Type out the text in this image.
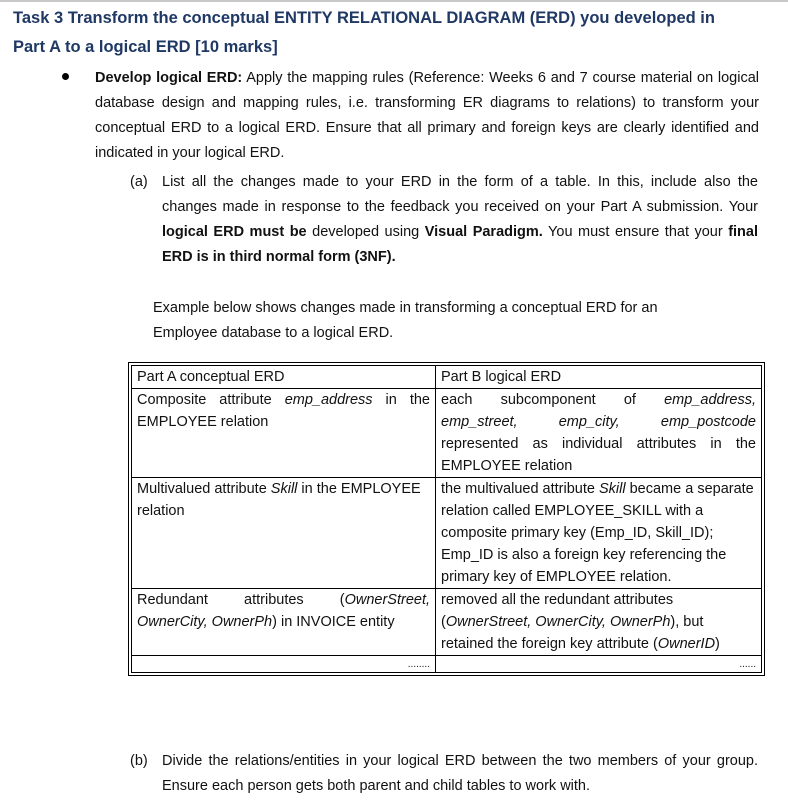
Task 3 Transform the conceptual ENTITY RELATIONAL DIAGRAM (ERD) you developed in
Part A to a logical ERD [10 marks]
Develop logical ERD: Apply the mapping rules (Reference: Weeks 6 and 7 course material on logical database design and mapping rules, i.e. transforming ER diagrams to relations) to transform your conceptual ERD to a logical ERD. Ensure that all primary and foreign keys are clearly identified and indicated in your logical ERD.
(a) List all the changes made to your ERD in the form of a table. In this, include also the changes made in response to the feedback you received on your Part A submission. Your logical ERD must be developed using Visual Paradigm. You must ensure that your final ERD is in third normal form (3NF).
Example below shows changes made in transforming a conceptual ERD for an
Employee database to a logical ERD.
Part A conceptual ERD	Part B logical ERD
Composite attribute emp_address in the EMPLOYEE relation	each subcomponent of emp_address, emp_street, emp_city, emp_postcode represented as individual attributes in the EMPLOYEE relation
Multivalued attribute Skill in the EMPLOYEE relation	the multivalued attribute Skill became a separate relation called EMPLOYEE_SKILL with a composite primary key (Emp_ID, Skill_ID); Emp_ID is also a foreign key referencing the primary key of EMPLOYEE relation.
Redundant attributes (OwnerStreet, OwnerCity, OwnerPh) in INVOICE entity	removed all the redundant attributes (OwnerStreet, OwnerCity, OwnerPh), but retained the foreign key attribute (OwnerID)
........	......
(b) Divide the relations/entities in your logical ERD between the two members of your group. Ensure each person gets both parent and child tables to work with.
